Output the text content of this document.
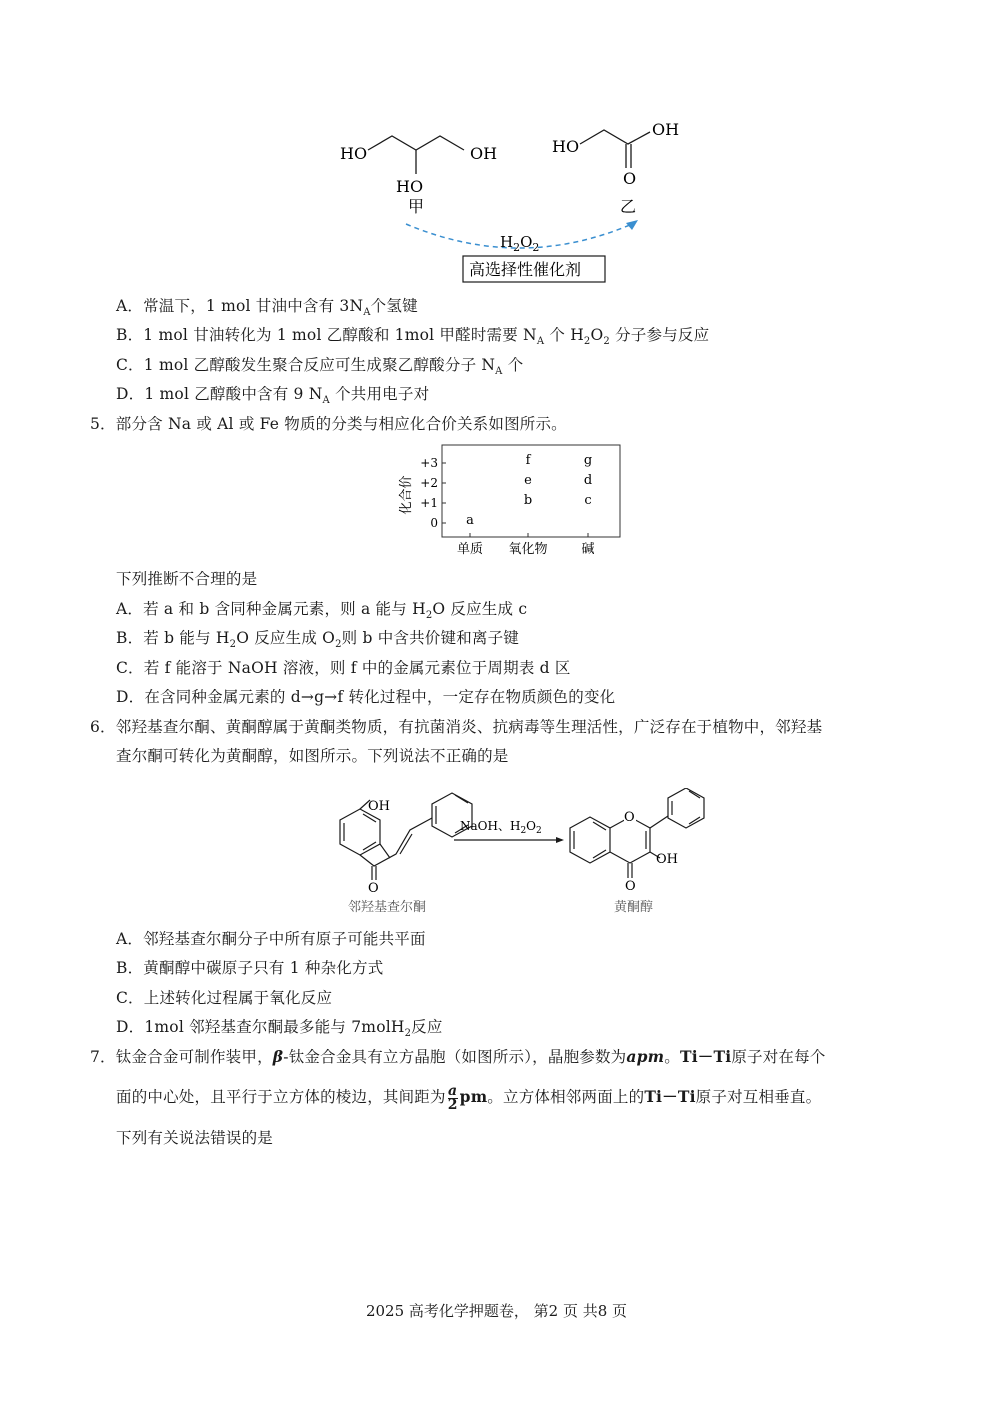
HO	OH
HO
甲
HO
OH
O
乙
$H_2O_2$
高选择性催化剂
A．常温下，1 mol 甘油中含有 $3N_A$个氢键
B．1 mol 甘油转化为 1 mol 乙醇酸和 1mol 甲醛时需要 $N_A$ 个 $H_2O_2$ 分子参与反应
C．1 mol 乙醇酸发生聚合反应可生成聚乙醇酸分子 $N_A$ 个
D．1 mol 乙醇酸中含有 9 $N_A$ 个共用电子对
5．部分含 Na 或 Al 或 Fe 物质的分类与相应化合价关系如图所示。
化合价
+3
+2
+1
0
单质 氧化物	碱
a
b
e
f
c
d
g
下列推断不合理的是
A．若 a 和 b 含同种金属元素，则 a 能与 $H_2O$ 反应生成 c
B．若 b 能与 $H_2O$ 反应生成 $O_2$则 b 中含共价键和离子键
C．若 f 能溶于 NaOH 溶液，则 f 中的金属元素位于周期表 d 区
D．在含同种金属元素的 d→g→f 转化过程中，一定存在物质颜色的变化
6．邻羟基查尔酮、黄酮醇属于黄酮类物质，有抗菌消炎、抗病毒等生理活性，广泛存在于植物中，邻羟基
查尔酮可转化为黄酮醇，如图所示。下列说法不正确的是
OH
O
邻羟基查尔酮
NaOH、$H_2O_2$
O
OH
O
黄酮醇
A．邻羟基查尔酮分子中所有原子可能共平面
B．黄酮醇中碳原子只有 1 种杂化方式
C．上述转化过程属于氧化反应
D．1mol 邻羟基查尔酮最多能与 7molH$_2$反应
7．钛金合金可制作装甲，β-钛金合金具有立方晶胞（如图所示），晶胞参数为apm。Ti－Ti原子对在每个
面的中心处，且平行于立方体的棱边，其间距为 $\frac{a}{2}$ pm。立方体相邻两面上的Ti－Ti原子对互相垂直。
下列有关说法错误的是
2025 高考化学押题卷， 第2 页 共8 页
